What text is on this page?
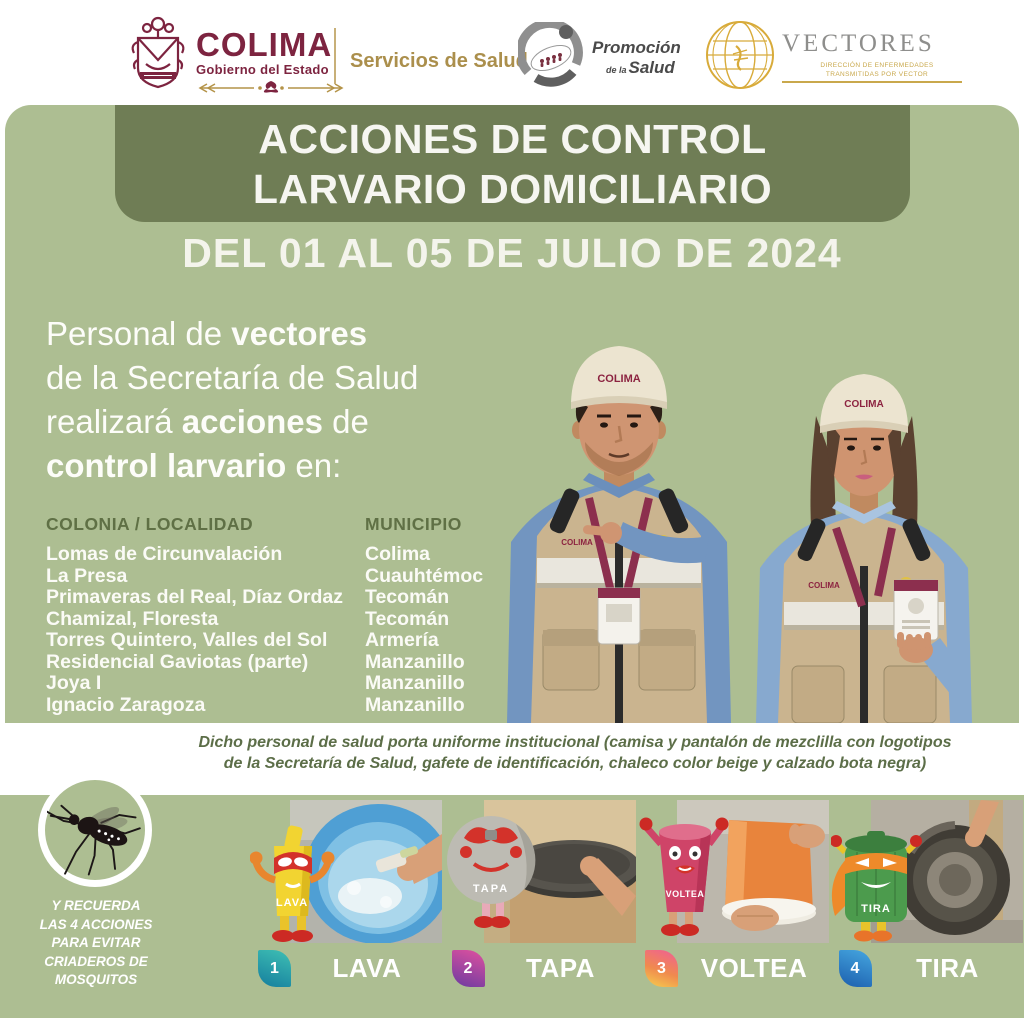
COLIMA
Gobierno del Estado Servicios de Salud
Promoción
de la Salud
VECTORES
DIRECCIÓN DE ENFERMEDADES
TRANSMITIDAS POR VECTOR
ACCIONES DE CONTROL
LARVARIO DOMICILIARIO
DEL 01 AL 05 DE JULIO DE 2024
Personal de vectores
de la Secretaría de Salud
realizará acciones de
control larvario en:
COLONIA / LOCALIDAD	MUNICIPIO
Lomas de Circunvalación	Colima
La Presa	Cuauhtémoc
Primaveras del Real, Díaz Ordaz	Tecomán
Chamizal, Floresta	Tecomán
Torres Quintero, Valles del Sol	Armería
Residencial Gaviotas (parte)	Manzanillo
Joya I	Manzanillo
Ignacio Zaragoza	Manzanillo
COLIMA
COLIMA
COLIMA
COLIMA
Dicho personal de salud porta uniforme institucional (camisa y pantalón de mezclilla con logotipos
de la Secretaría de Salud, gafete de identificación, chaleco color beige y calzado bota negra)
Y RECUERDA
LAS 4 ACCIONES
PARA EVITAR
CRIADEROS DE
MOSQUITOS
LAVA
1	LAVA
TAPA
2	TAPA
VOLTEA
3	VOLTEA
TIRA
4	TIRA
